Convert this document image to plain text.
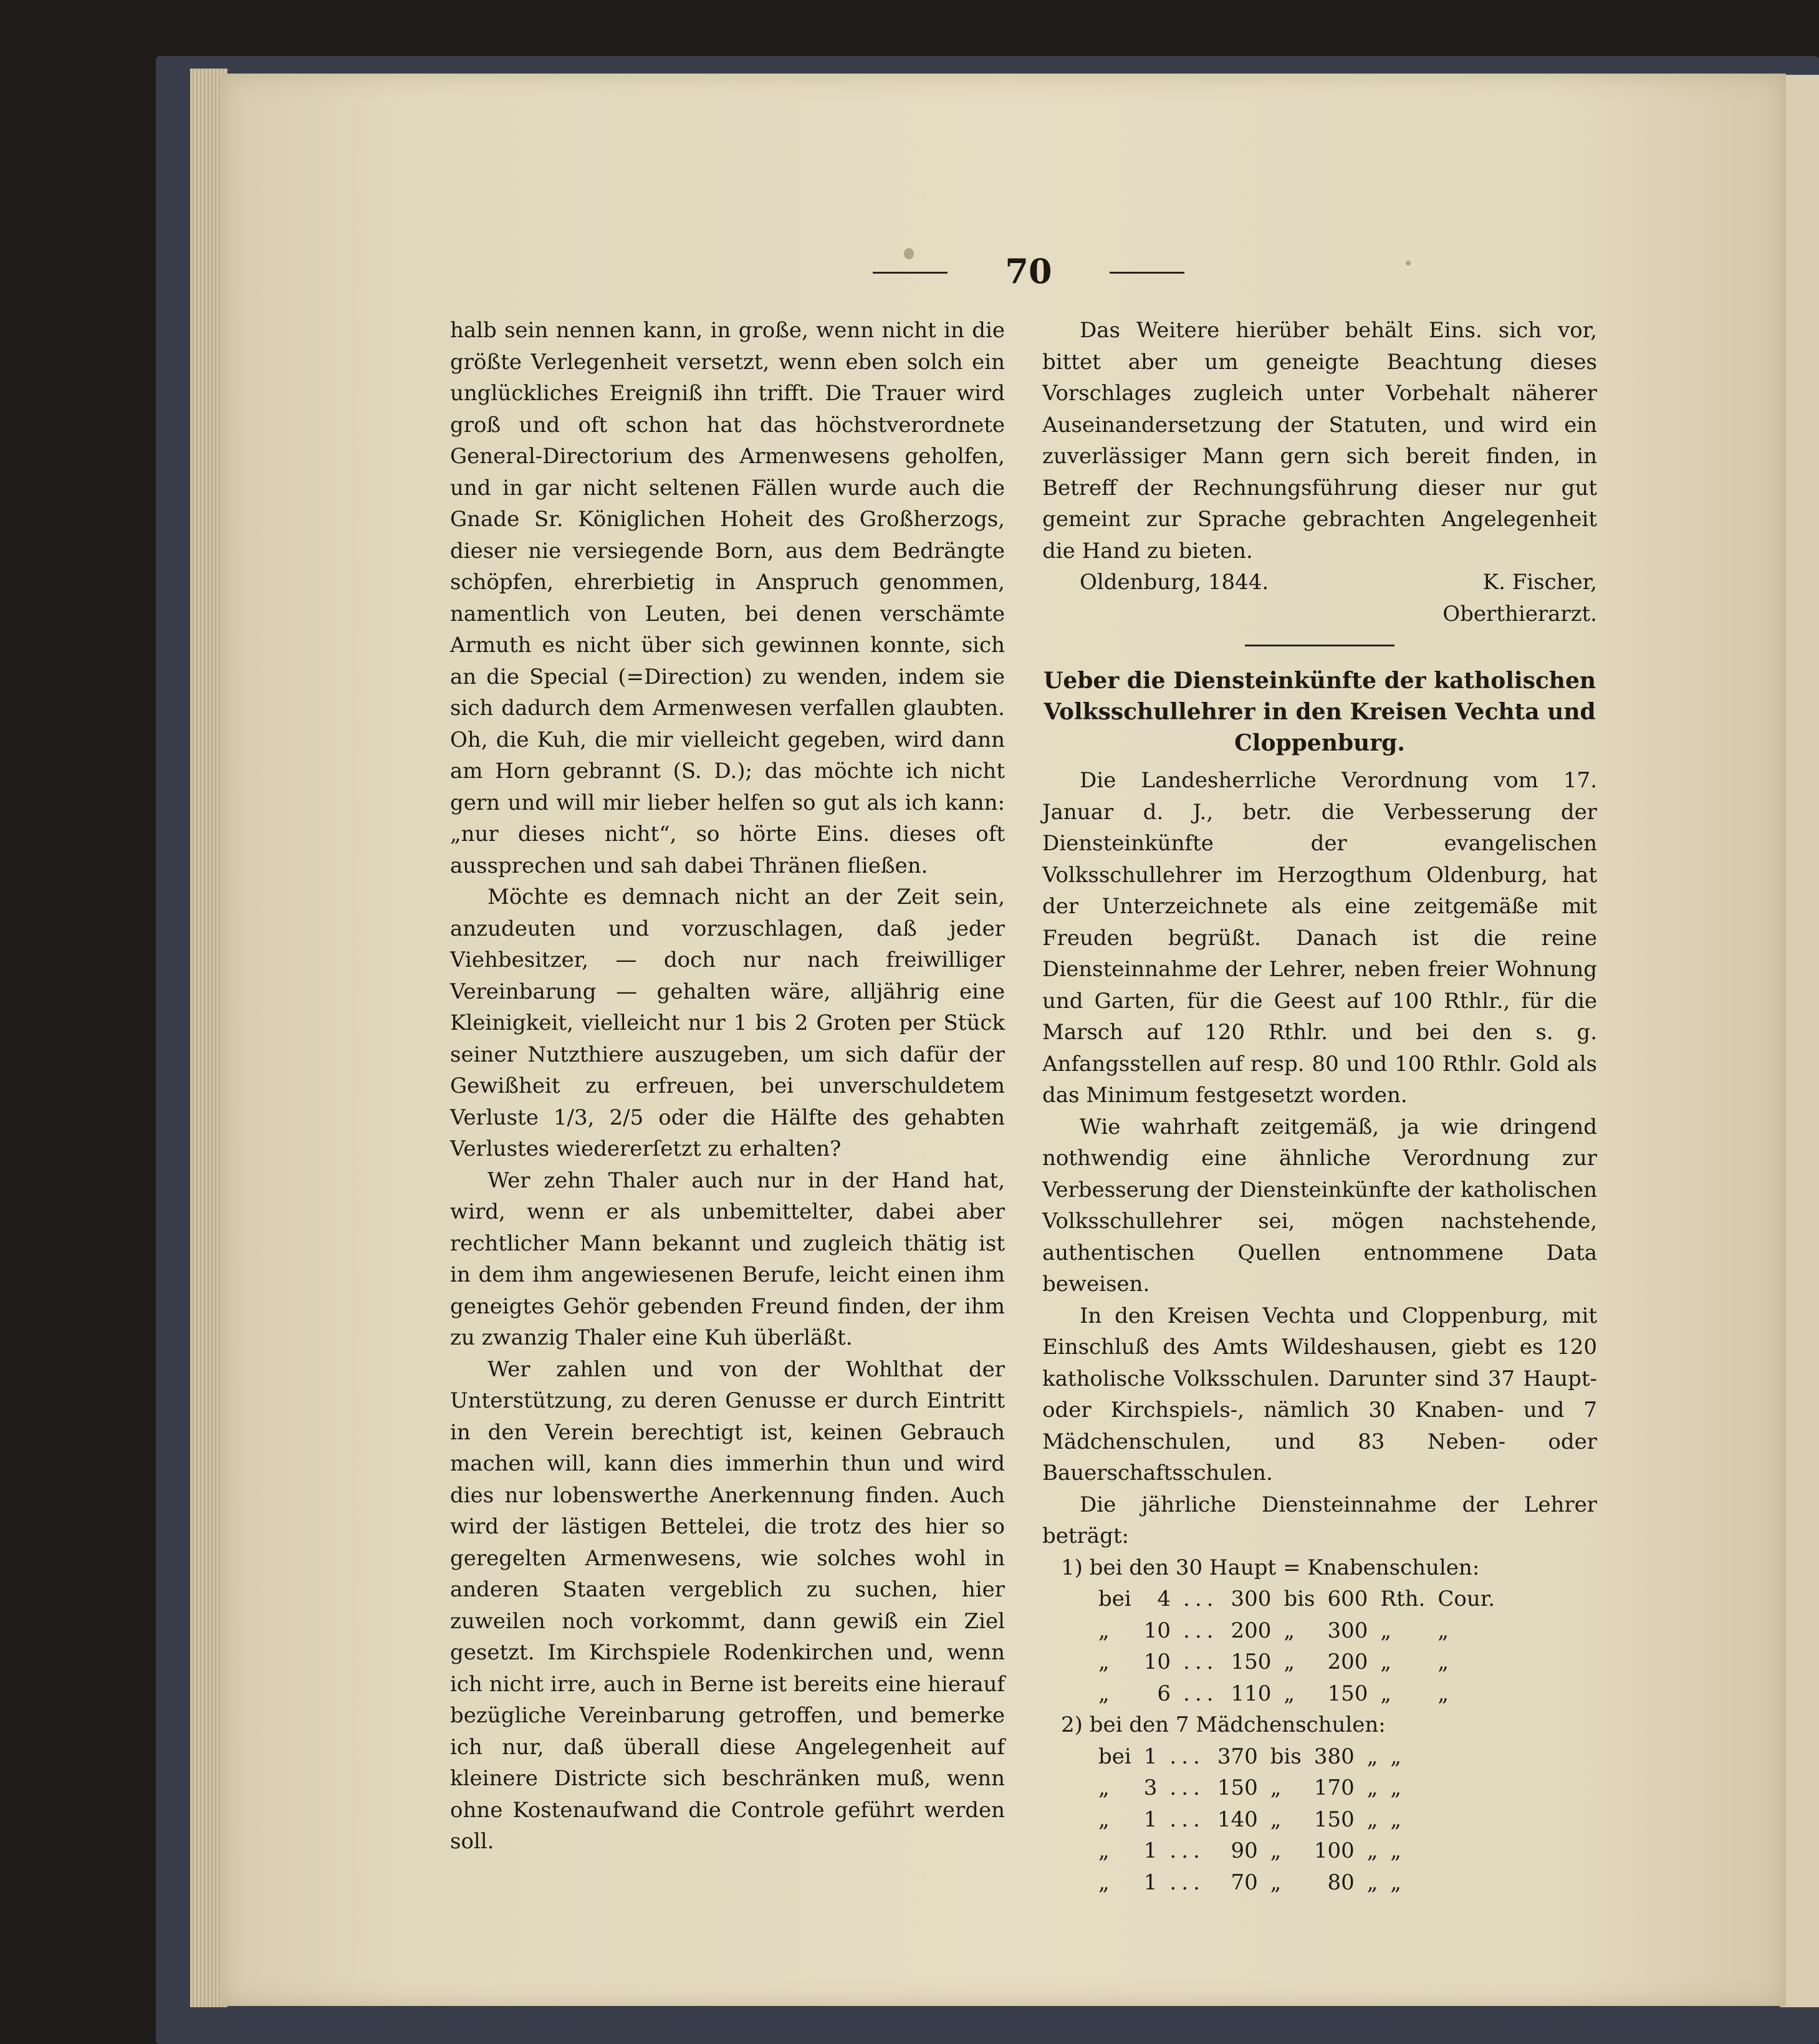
70

halb sein nennen kann, in große, wenn nicht in die größte Verlegenheit versetzt, wenn eben solch ein unglückliches Ereigniß ihn trifft. Die Trauer wird groß und oft schon hat das höchstverordnete General-Directorium des Armenwesens geholfen, und in gar nicht seltenen Fällen wurde auch die Gnade Sr. Königlichen Hoheit des Großherzogs, dieser nie versiegende Born, aus dem Bedrängte schöpfen, ehrerbietig in Anspruch genommen, namentlich von Leuten, bei denen verschämte Armuth es nicht über sich gewinnen konnte, sich an die Special (=Direction) zu wenden, indem sie sich dadurch dem Armenwesen verfallen glaubten. Oh, die Kuh, die mir vielleicht gegeben, wird dann am Horn gebrannt (S. D.); das möchte ich nicht gern und will mir lieber helfen so gut als ich kann: „nur dieses nicht“, so hörte Eins. dieses oft aussprechen und sah dabei Thränen fließen.

Möchte es demnach nicht an der Zeit sein, anzudeuten und vorzuschlagen, daß jeder Viehbesitzer, — doch nur nach freiwilliger Vereinbarung — gehalten wäre, alljährig eine Kleinigkeit, vielleicht nur 1 bis 2 Groten per Stück seiner Nutzthiere auszugeben, um sich dafür der Gewißheit zu erfreuen, bei unverschuldetem Verluste 1/3, 2/5 oder die Hälfte des gehabten Verlustes wiedererſetzt zu erhalten?

Wer zehn Thaler auch nur in der Hand hat, wird, wenn er als unbemittelter, dabei aber rechtlicher Mann bekannt und zugleich thätig ist in dem ihm angewiesenen Berufe, leicht einen ihm geneigtes Gehör gebenden Freund finden, der ihm zu zwanzig Thaler eine Kuh überläßt.

Wer zahlen und von der Wohlthat der Unterstützung, zu deren Genusse er durch Eintritt in den Verein berechtigt ist, keinen Gebrauch machen will, kann dies immerhin thun und wird dies nur lobenswerthe Anerkennung finden. Auch wird der lästigen Bettelei, die trotz des hier so geregelten Armenwesens, wie solches wohl in anderen Staaten vergeblich zu suchen, hier zuweilen noch vorkommt, dann gewiß ein Ziel gesetzt. Im Kirchspiele Rodenkirchen und, wenn ich nicht irre, auch in Berne ist bereits eine hierauf bezügliche Vereinbarung getroffen, und bemerke ich nur, daß überall diese Angelegenheit auf kleinere Districte sich beschränken muß, wenn ohne Kostenaufwand die Controle geführt werden soll.

Das Weitere hierüber behält Eins. sich vor, bittet aber um geneigte Beachtung dieses Vorschlages zugleich unter Vorbehalt näherer Auseinandersetzung der Statuten, und wird ein zuverlässiger Mann gern sich bereit finden, in Betreff der Rechnungsführung dieser nur gut gemeint zur Sprache gebrachten Angelegenheit die Hand zu bieten.

Oldenburg, 1844.	K. Fischer,
Oberthierarzt.
Ueber die Diensteinkünfte der katholischen Volksschullehrer in den Kreisen Vechta und Cloppenburg.

Die Landesherrliche Verordnung vom 17. Januar d. J., betr. die Verbesserung der Diensteinkünfte der evangelischen Volksschullehrer im Herzogthum Oldenburg, hat der Unterzeichnete als eine zeitgemäße mit Freuden begrüßt. Danach ist die reine Diensteinnahme der Lehrer, neben freier Wohnung und Garten, für die Geest auf 100 Rthlr., für die Marsch auf 120 Rthlr. und bei den s. g. Anfangsstellen auf resp. 80 und 100 Rthlr. Gold als das Minimum festgesetzt worden.

Wie wahrhaft zeitgemäß, ja wie dringend nothwendig eine ähnliche Verordnung zur Verbesserung der Diensteinkünfte der katholischen Volksschullehrer sei, mögen nachstehende, authentischen Quellen entnommene Data beweisen.

In den Kreisen Vechta und Cloppenburg, mit Einschluß des Amts Wildeshausen, giebt es 120 katholische Volksschulen. Darunter sind 37 Haupt- oder Kirchspiels-, nämlich 30 Knaben- und 7 Mädchenschulen, und 83 Neben- oder Bauerschaftsschulen.

Die jährliche Diensteinnahme der Lehrer beträgt:

1) bei den 30 Haupt = Knabenschulen:
bei	4	...	300	bis	600	Rth.	Cour.
„	10	...	200	„	300	„	„
„	10	...	150	„	200	„	„
„	6	...	110	„	150	„	„
2) bei den 7 Mädchenschulen:
bei	1	...	370	bis	380	„	„
„	3	...	150	„	170	„	„
„	1	...	140	„	150	„	„
„	1	...	90	„	100	„	„
„	1	...	70	„	80	„	„
